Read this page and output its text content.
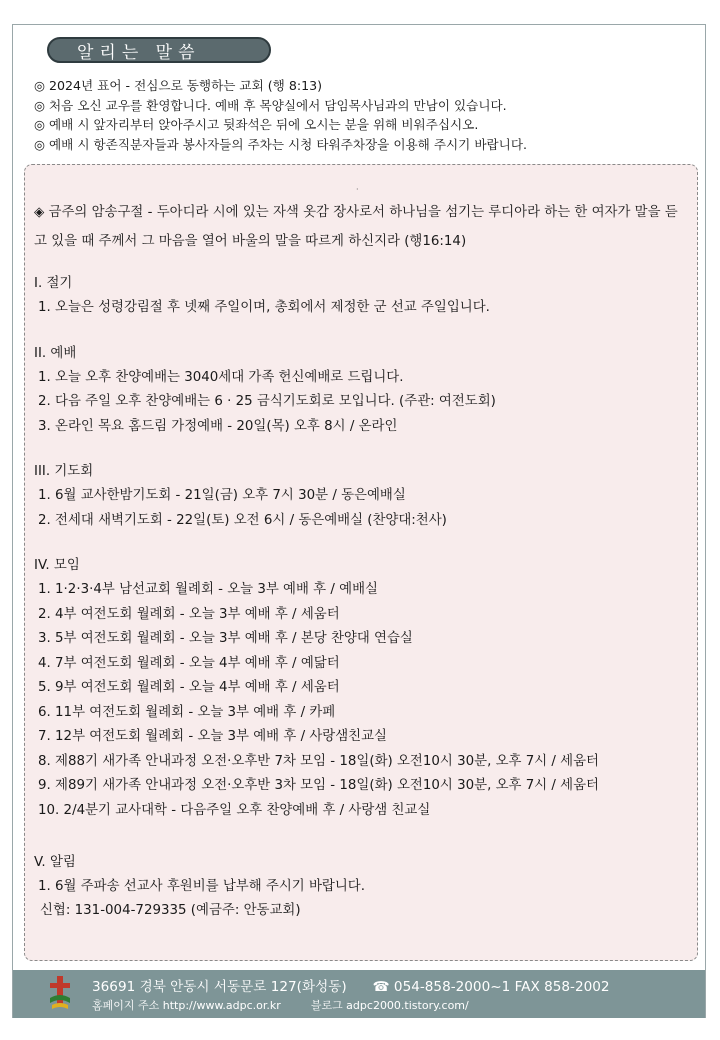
알리는 말씀
◎ 2024년 표어 - 전심으로 동행하는 교회 (행 8:13)
◎ 처음 오신 교우를 환영합니다. 예배 후 목양실에서 담임목사님과의 만남이 있습니다.
◎ 예배 시 앞자리부터 앉아주시고 뒷좌석은 뒤에 오시는 분을 위해 비워주십시오.
◎ 예배 시 항존직분자들과 봉사자들의 주차는 시청 타워주차장을 이용해 주시기 바랍니다.
·
◈ 금주의 암송구절 - 두아디라 시에 있는 자색 옷감 장사로서 하나님을 섬기는 루디아라 하는 한 여자가 말을 듣고 있을 때 주께서 그 마음을 열어 바울의 말을 따르게 하신지라 (행16:14)
I. 절기
1. 오늘은 성령강림절 후 넷째 주일이며, 총회에서 제정한 군 선교 주일입니다.
II. 예배
1. 오늘 오후 찬양예배는 3040세대 가족 헌신예배로 드립니다.
2. 다음 주일 오후 찬양예배는 6 · 25 금식기도회로 모입니다. (주관: 여전도회)
3. 온라인 목요 홈드림 가정예배 - 20일(목) 오후 8시 / 온라인
III. 기도회
1. 6월 교사한밤기도회 - 21일(금) 오후 7시 30분 / 동은예배실
2. 전세대 새벽기도회 - 22일(토) 오전 6시 / 동은예배실 (찬양대:천사)
IV. 모임
1. 1·2·3·4부 남선교회 월례회 - 오늘 3부 예배 후 / 예배실
2. 4부 여전도회 월례회 - 오늘 3부 예배 후 / 세움터
3. 5부 여전도회 월례회 - 오늘 3부 예배 후 / 본당 찬양대 연습실
4. 7부 여전도회 월례회 - 오늘 4부 예배 후 / 예닮터
5. 9부 여전도회 월례회 - 오늘 4부 예배 후 / 세움터
6. 11부 여전도회 월례회 - 오늘 3부 예배 후 / 카페
7. 12부 여전도회 월례회 - 오늘 3부 예배 후 / 사랑샘친교실
8. 제88기 새가족 안내과정 오전·오후반 7차 모임 - 18일(화) 오전10시 30분, 오후 7시 / 세움터
9. 제89기 새가족 안내과정 오전·오후반 3차 모임 - 18일(화) 오전10시 30분, 오후 7시 / 세움터
10. 2/4분기 교사대학 - 다음주일 오후 찬양예배 후 / 사랑샘 친교실
V. 알림
1. 6월 주파송 선교사 후원비를 납부해 주시기 바랍니다.
신협: 131-004-729335 (예금주: 안동교회)
36691 경북 안동시 서동문로 127(화성동) ☎ 054-858-2000~1 FAX 858-2002
홈페이지 주소 http://www.adpc.or.kr	블로그 adpc2000.tistory.com/
